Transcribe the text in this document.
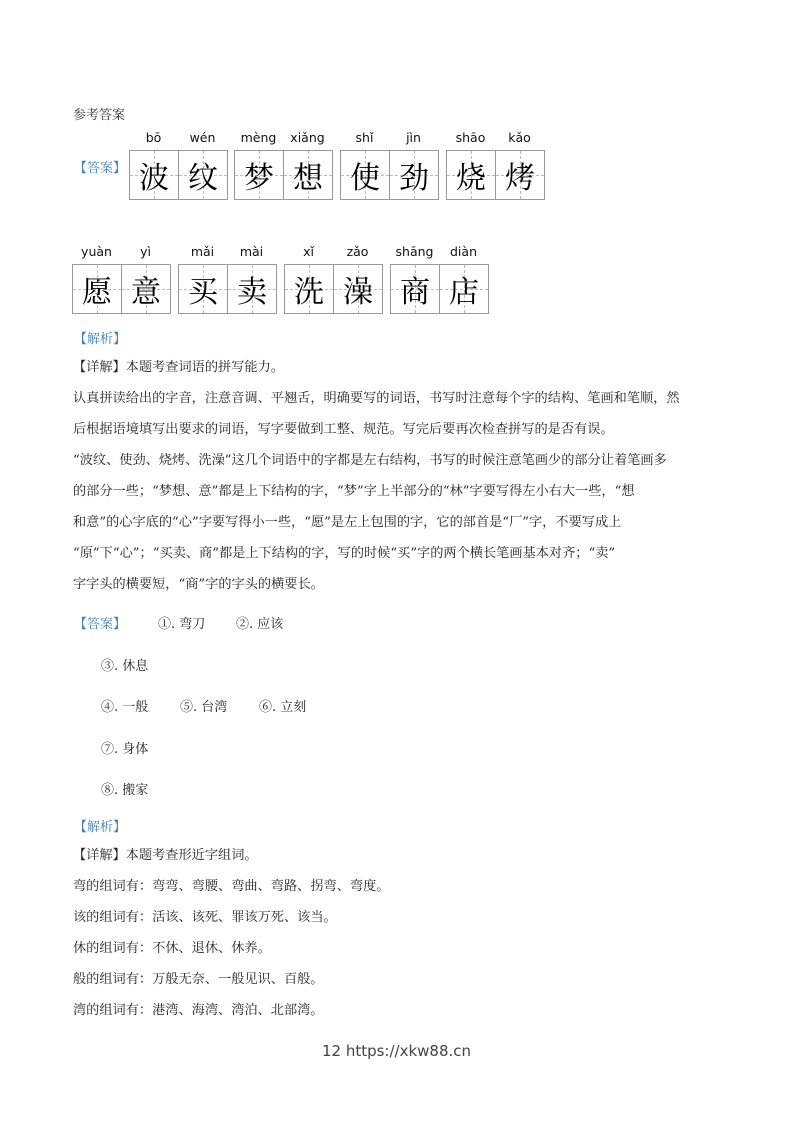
参考答案
【答案】
bō
波
wén
纹
mèng
梦
xiǎng
想
shǐ
使
jìn
劲
shāo
烧
kǎo
烤
yuàn
愿
yì
意
mǎi
买
mài
卖
xǐ
洗
zǎo
澡
shāng
商
diàn
店
【解析】
【详解】本题考查词语的拼写能力。
认真拼读给出的字音，注意音调、平翘舌，明确要写的词语，书写时注意每个字的结构、笔画和笔顺，然
后根据语境填写出要求的词语，写字要做到工整、规范。写完后要再次检查拼写的是否有误。
“波纹、使劲、烧烤、洗澡”这几个词语中的字都是左右结构，书写的时候注意笔画少的部分让着笔画多
的部分一些；“梦想、意”都是上下结构的字，“梦”字上半部分的“林”字要写得左小右大一些，“想
和意”的心字底的“心”字要写得小一些，“愿”是左上包围的字，它的部首是“厂”字，不要写成上
“原”下“心”；“买卖、商”都是上下结构的字，写的时候“买”字的两个横长笔画基本对齐；“卖”
字字头的横要短，“商”字的字头的横要长。
【答案】 ①. 弯刀 ②. 应该
③. 休息
④. 一般 ⑤. 台湾 ⑥. 立刻
⑦. 身体
⑧. 搬家
【解析】
【详解】本题考查形近字组词。
弯的组词有：弯弯、弯腰、弯曲、弯路、拐弯、弯度。
该的组词有：活该、该死、罪该万死、该当。
休的组词有：不休、退休、休养。
般的组词有：万般无奈、一般见识、百般。
湾的组词有：港湾、海湾、湾泊、北部湾。
12 https://xkw88.cn
